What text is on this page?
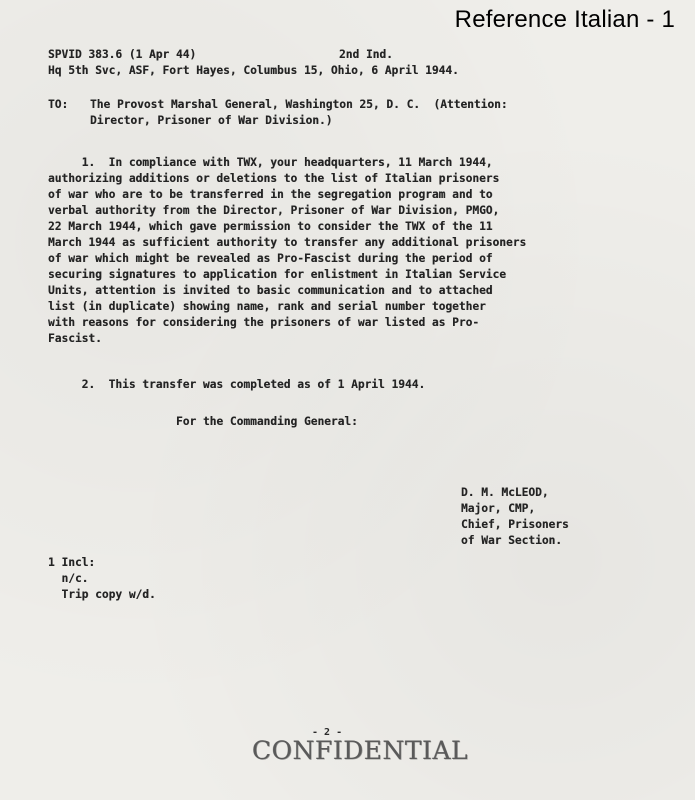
Reference Italian - 1
SPVID 383.6 (1 Apr 44)	2nd Ind.
Hq 5th Svc, ASF, Fort Hayes, Columbus 15, Ohio, 6 April 1944.
TO: The Provost Marshal General, Washington 25, D. C.  (Attention:
Director, Prisoner of War Division.)
1.  In compliance with TWX, your headquarters, 11 March 1944,
authorizing additions or deletions to the list of Italian prisoners
of war who are to be transferred in the segregation program and to
verbal authority from the Director, Prisoner of War Division, PMGO,
22 March 1944, which gave permission to consider the TWX of the 11
March 1944 as sufficient authority to transfer any additional prisoners
of war which might be revealed as Pro-Fascist during the period of
securing signatures to application for enlistment in Italian Service
Units, attention is invited to basic communication and to attached
list (in duplicate) showing name, rank and serial number together
with reasons for considering the prisoners of war listed as Pro-
Fascist.
2.  This transfer was completed as of 1 April 1944.
For the Commanding General:
D. M. McLEOD,
Major, CMP,
Chief, Prisoners
of War Section.
1 Incl:
n/c.
Trip copy w/d.
- 2 -
CONFIDENTIAL
